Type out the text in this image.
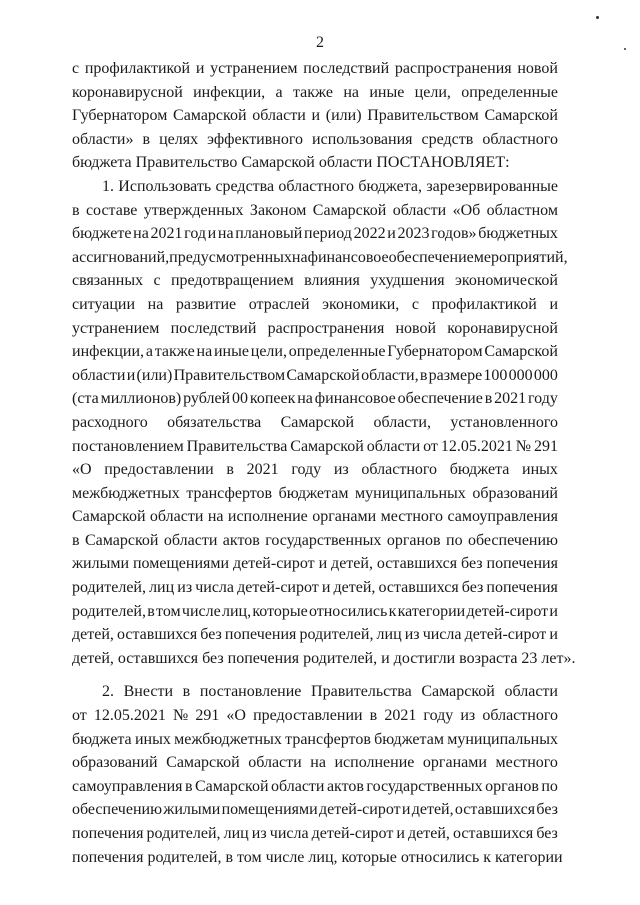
2
с профилактикой и устранением последствий распространения новой
коронавирусной инфекции, а также на иные цели, определенные
Губернатором Самарской области и (или) Правительством Самарской
области» в целях эффективного использования средств областного
бюджета Правительство Самарской области ПОСТАНОВЛЯЕТ:
1. Использовать средства областного бюджета, зарезервированные
в составе утвержденных Законом Самарской области «Об областном
бюджете на 2021 год и на плановый период 2022 и 2023 годов» бюджетных
ассигнований, предусмотренных на финансовое обеспечение мероприятий,
связанных с предотвращением влияния ухудшения экономической
ситуации на развитие отраслей экономики, с профилактикой и
устранением последствий распространения новой коронавирусной
инфекции, а также на иные цели, определенные Губернатором Самарской
области и (или) Правительством Самарской области, в размере 100 000 000
(ста миллионов) рублей 00 копеек на финансовое обеспечение в 2021 году
расходного обязательства Самарской области, установленного
постановлением Правительства Самарской области от 12.05.2021 № 291
«О предоставлении в 2021 году из областного бюджета иных
межбюджетных трансфертов бюджетам муниципальных образований
Самарской области на исполнение органами местного самоуправления
в Самарской области актов государственных органов по обеспечению
жилыми помещениями детей-сирот и детей, оставшихся без попечения
родителей, лиц из числа детей-сирот и детей, оставшихся без попечения
родителей, в том числе лиц, которые относились к категории детей-сирот и
детей, оставшихся без попечения родителей, лиц из числа детей-сирот и
детей, оставшихся без попечения родителей, и достигли возраста 23 лет».
2. Внести в постановление Правительства Самарской области
от 12.05.2021 № 291 «О предоставлении в 2021 году из областного
бюджета иных межбюджетных трансфертов бюджетам муниципальных
образований Самарской области на исполнение органами местного
самоуправления в Самарской области актов государственных органов по
обеспечению жилыми помещениями детей-сирот и детей, оставшихся без
попечения родителей, лиц из числа детей-сирот и детей, оставшихся без
попечения родителей, в том числе лиц, которые относились к категории
